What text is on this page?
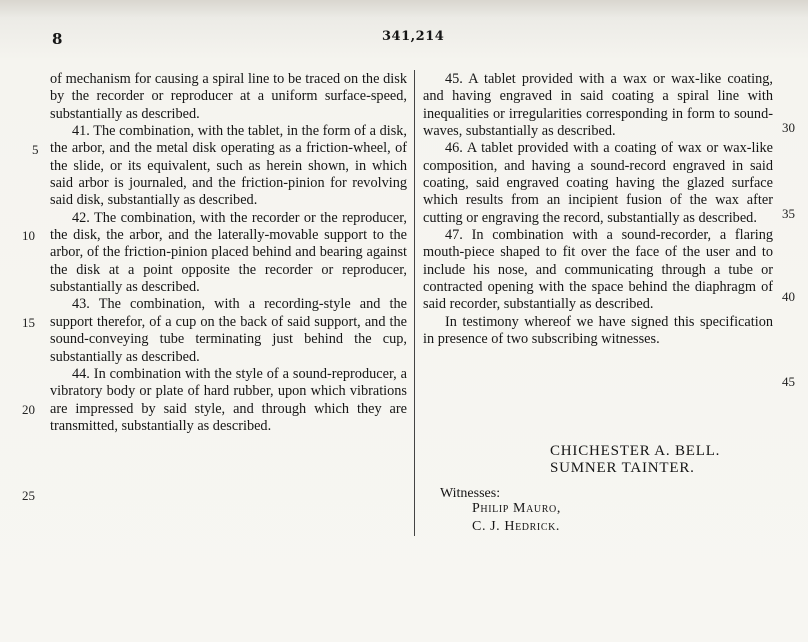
8	341,214

of mechanism for causing a spiral line to be traced on the disk by the recorder or reproducer at a uniform surface-speed, substantially as described.

41. The combination, with the tablet, in the form of a disk, the arbor, and the metal disk operating as a friction-wheel, of the slide, or its equivalent, such as herein shown, in which said arbor is journaled, and the friction-pinion for revolving said disk, substantially as described.

42. The combination, with the recorder or the reproducer, the disk, the arbor, and the laterally-movable support to the arbor, of the friction-pinion placed behind and bearing against the disk at a point opposite the recorder or reproducer, substantially as described.

43. The combination, with a recording-style and the support therefor, of a cup on the back of said support, and the sound-conveying tube terminating just behind the cup, substantially as described.

44. In combination with the style of a sound-reproducer, a vibratory body or plate of hard rubber, upon which vibrations are impressed by said style, and through which they are transmitted, substantially as described.

45. A tablet provided with a wax or wax-like coating, and having engraved in said coating a spiral line with inequalities or irregularities corresponding in form to sound-waves, substantially as described.

46. A tablet provided with a coating of wax or wax-like composition, and having a sound-record engraved in said coating, said engraved coating having the glazed surface which results from an incipient fusion of the wax after cutting or engraving the record, substantially as described.

47. In combination with a sound-recorder, a flaring mouth-piece shaped to fit over the face of the user and to include his nose, and communicating through a tube or contracted opening with the space behind the diaphragm of said recorder, substantially as described.

In testimony whereof we have signed this specification in presence of two subscribing witnesses.

5
10
15
20
25
30
35
40
45
CHICHESTER A. BELL.
SUMNER TAINTER.
Witnesses:
Philip Mauro,
C. J. Hedrick.
